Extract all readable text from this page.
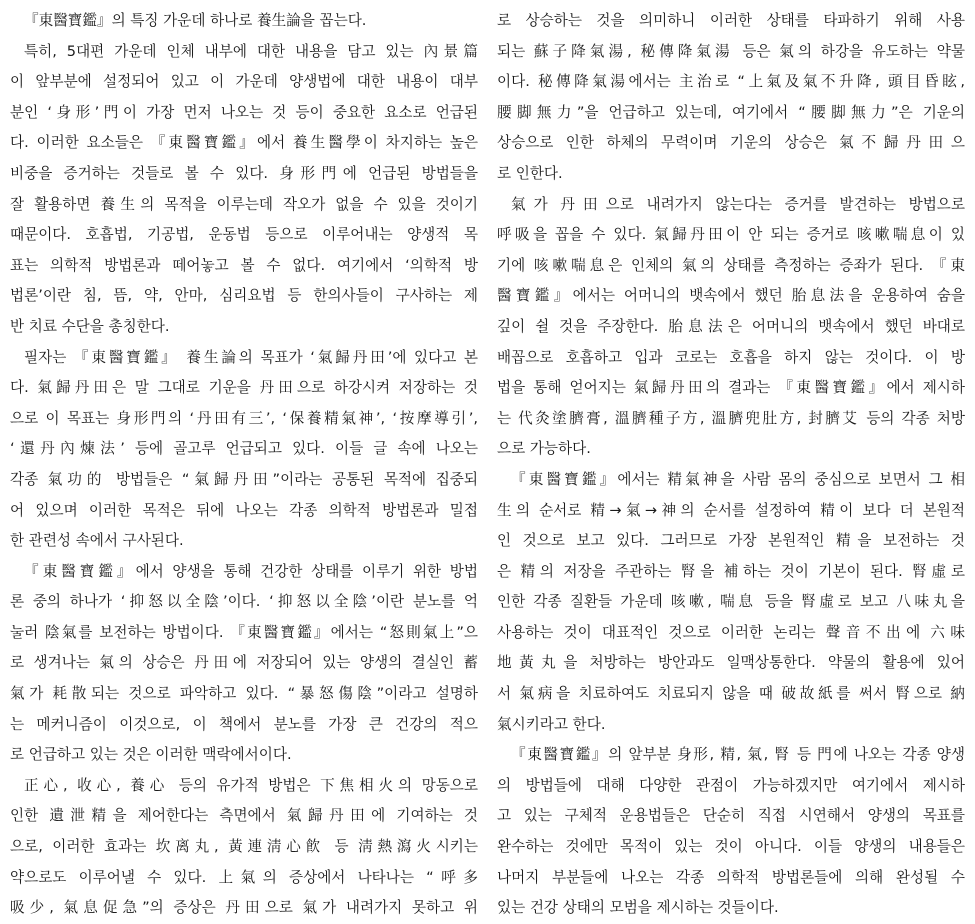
『東醫寶鑑』의 특징 가운데 하나로 養生論을 꼽는다.
특히, 5대편 가운데 인체 내부에 대한 내용을 담고 있는 內景篇
이 앞부분에 설정되어 있고 이 가운데 양생법에 대한 내용이 대부
분인 ‘身形’門이 가장 먼저 나오는 것 등이 중요한 요소로 언급된
다. 이러한 요소들은 『東醫寶鑑』에서 養生醫學이 차지하는 높은
비중을 증거하는 것들로 볼 수 있다. 身形門에 언급된 방법들을
잘 활용하면 養生의 목적을 이루는데 작오가 없을 수 있을 것이기
때문이다. 호흡법, 기공법, 운동법 등으로 이루어내는 양생적 목
표는 의학적 방법론과 떼어놓고 볼 수 없다. 여기에서 ‘의학적 방
법론’이란 침, 뜸, 약, 안마, 심리요법 등 한의사들이 구사하는 제
반 치료 수단을 총칭한다.
필자는 『東醫寶鑑』 養生論의 목표가 ‘氣歸丹田’에 있다고 본
다. 氣歸丹田은 말 그대로 기운을 丹田으로 하강시켜 저장하는 것
으로 이 목표는 身形門의 ‘丹田有三’, ‘保養精氣神’, ‘按摩導引’,
‘還丹內煉法’ 등에 골고루 언급되고 있다. 이들 글 속에 나오는
각종 氣功的 방법들은 “氣歸丹田”이라는 공통된 목적에 집중되
어 있으며 이러한 목적은 뒤에 나오는 각종 의학적 방법론과 밀접
한 관련성 속에서 구사된다.
『東醫寶鑑』에서 양생을 통해 건강한 상태를 이루기 위한 방법
론 중의 하나가 ‘抑怒以全陰’이다. ‘抑怒以全陰’이란 분노를 억
눌러 陰氣를 보전하는 방법이다. 『東醫寶鑑』에서는 “怒則氣上”으
로 생겨나는 氣의 상승은 丹田에 저장되어 있는 양생의 결실인 蓄
氣가 耗散되는 것으로 파악하고 있다. “暴怒傷陰”이라고 설명하
는 메커니즘이 이것으로, 이 책에서 분노를 가장 큰 건강의 적으
로 언급하고 있는 것은 이러한 맥락에서이다.
正心, 收心, 養心 등의 유가적 방법은 下焦相火의 망동으로
인한 遺泄精을 제어한다는 측면에서 氣歸丹田에 기여하는 것
으로, 이러한 효과는 坎离丸, 黃連淸心飮 등 淸熱瀉火시키는
약으로도 이루어낼 수 있다. 上氣의 증상에서 나타나는 “呼多
吸少, 氣息促急”의 증상은 丹田으로 氣가 내려가지 못하고 위
로 상승하는 것을 의미하니 이러한 상태를 타파하기 위해 사용
되는 蘇子降氣湯, 秘傳降氣湯 등은 氣의 하강을 유도하는 약물
이다. 秘傳降氣湯에서는 主治로 “上氣及氣不升降, 頭目昏眩,
腰脚無力”을 언급하고 있는데, 여기에서 “腰脚無力”은 기운의
상승으로 인한 하체의 무력이며 기운의 상승은 氣不歸丹田으
로 인한다.
氣가 丹田으로 내려가지 않는다는 증거를 발견하는 방법으로
呼吸을 꼽을 수 있다. 氣歸丹田이 안 되는 증거로 咳嗽喘息이 있
기에 咳嗽喘息은 인체의 氣의 상태를 측정하는 증좌가 된다. 『東
醫寶鑑』에서는 어머니의 뱃속에서 했던 胎息法을 운용하여 숨을
깊이 쉴 것을 주장한다. 胎息法은 어머니의 뱃속에서 했던 바대로
배꼽으로 호흡하고 입과 코로는 호흡을 하지 않는 것이다. 이 방
법을 통해 얻어지는 氣歸丹田의 결과는 『東醫寶鑑』에서 제시하
는 代灸塗臍膏, 溫臍種子方, 溫臍兜肚方, 封臍艾 등의 각종 처방
으로 가능하다.
『東醫寶鑑』에서는 精氣神을 사람 몸의 중심으로 보면서 그 相
生의 순서로 精→氣→神의 순서를 설정하여 精이 보다 더 본원적
인 것으로 보고 있다. 그러므로 가장 본원적인 精을 보전하는 것
은 精의 저장을 주관하는 腎을 補하는 것이 기본이 된다. 腎虛로
인한 각종 질환들 가운데 咳嗽, 喘息 등을 腎虛로 보고 八味丸을
사용하는 것이 대표적인 것으로 이러한 논리는 聲音不出에 六味
地黃丸을 처방하는 방안과도 일맥상통한다. 약물의 활용에 있어
서 氣病을 치료하여도 치료되지 않을 때 破故紙를 써서 腎으로 納
氣시키라고 한다.
『東醫寶鑑』의 앞부분 身形, 精, 氣, 腎 등 門에 나오는 각종 양생
의 방법들에 대해 다양한 관점이 가능하겠지만 여기에서 제시하
고 있는 구체적 운용법들은 단순히 직접 시연해서 양생의 목표를
완수하는 것에만 목적이 있는 것이 아니다. 이들 양생의 내용들은
나머지 부분들에 나오는 각종 의학적 방법론들에 의해 완성될 수
있는 건강 상태의 모범을 제시하는 것들이다.
